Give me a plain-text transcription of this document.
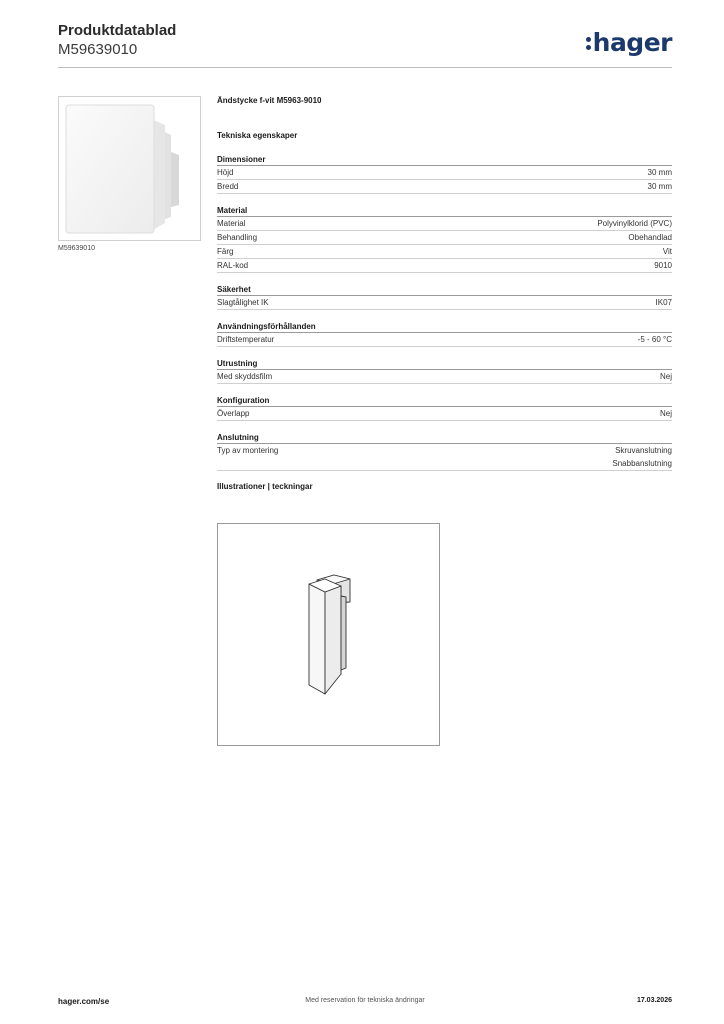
Produktdatablad
M59639010	hager
M59639010
Ändstycke f-vit M5963-9010
Tekniska egenskaper
Dimensioner
Höjd	30 mm
Bredd	30 mm
Material
Material	Polyvinylklorid (PVC)
Behandling	Obehandlad
Färg	Vit
RAL-kod	9010
Säkerhet
Slagtålighet IK	IK07
Användningsförhållanden
Driftstemperatur	-5 - 60 °C
Utrustning
Med skyddsfilm	Nej
Konfiguration
Överlapp	Nej
Anslutning
Typ av montering	Skruvanslutning
Snabbanslutning
Illustrationer | teckningar
hager.com/se	Med reservation för tekniska ändringar	17.03.2026
